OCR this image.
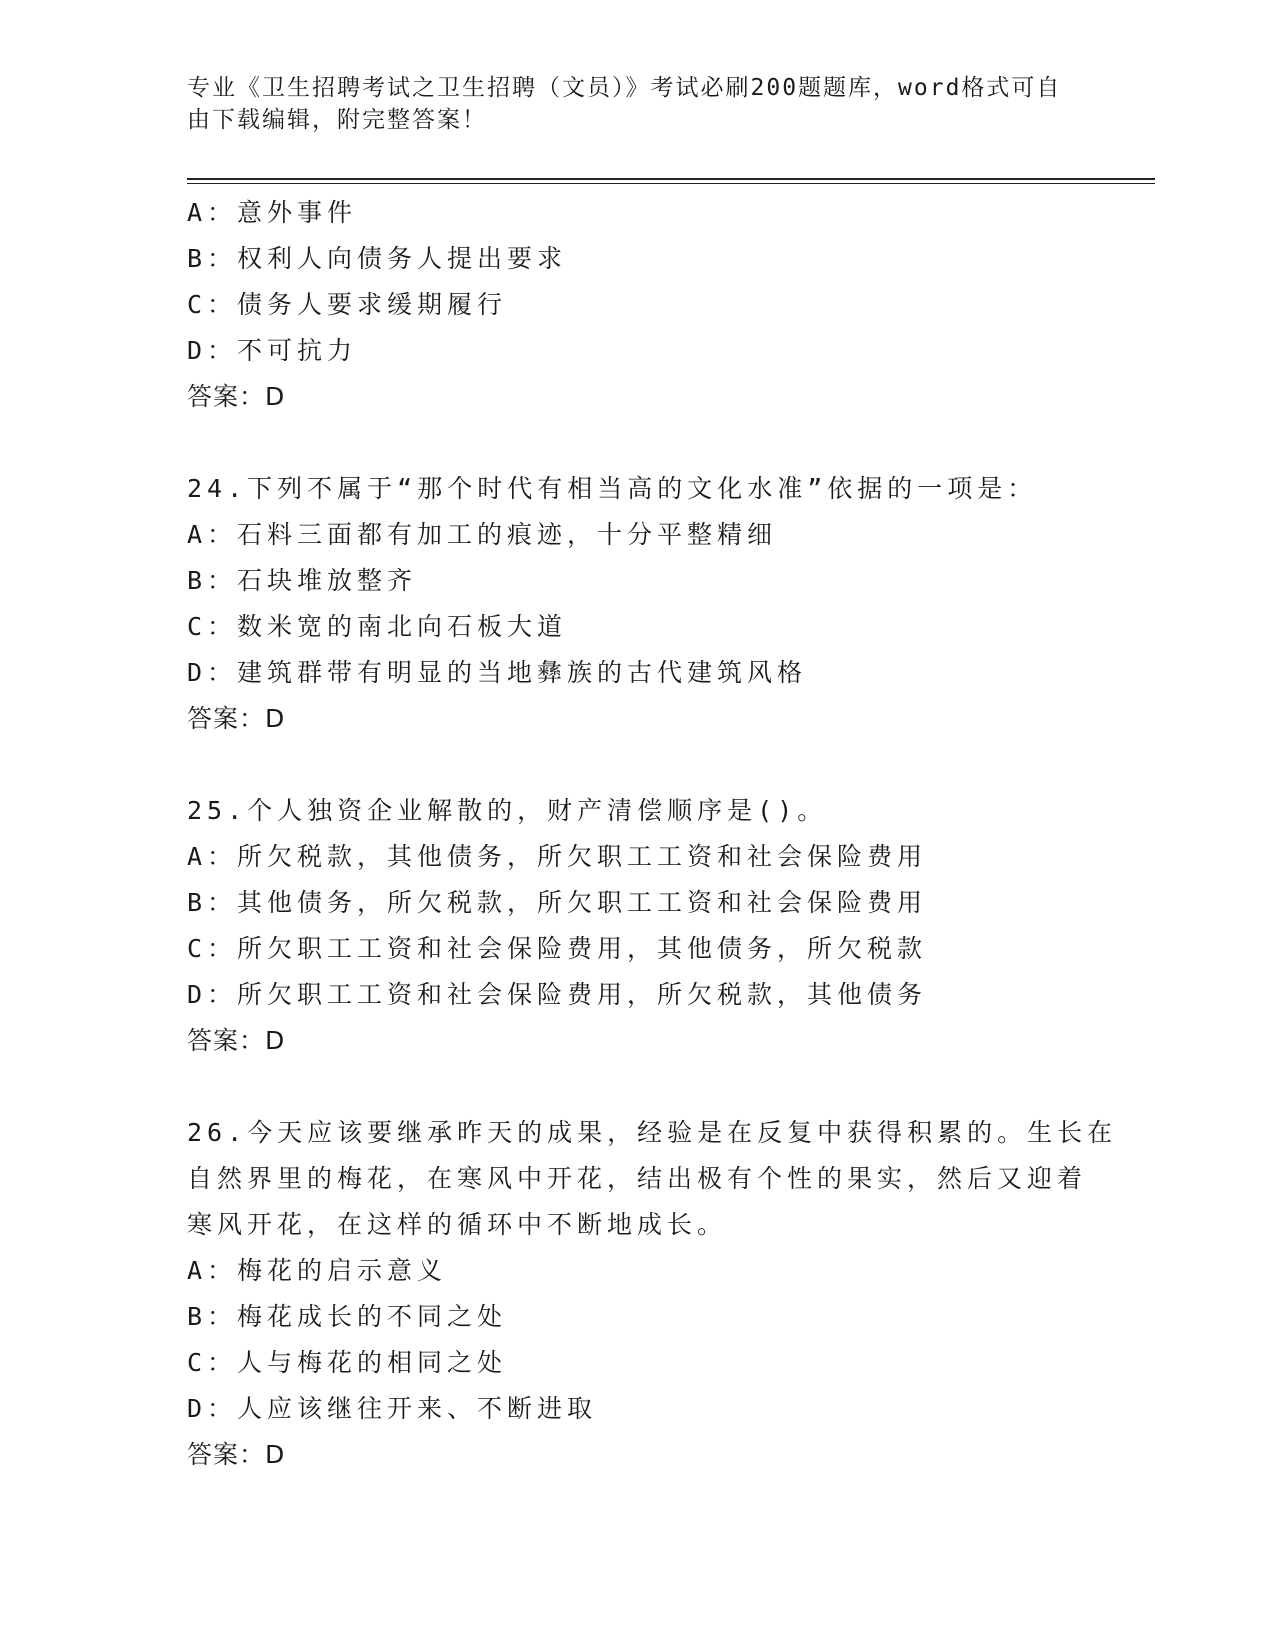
专业《卫生招聘考试之卫生招聘（文员）》考试必刷200题题库，word格式可自由下载编辑，附完整答案！
A：意外事件
B：权利人向债务人提出要求
C：债务人要求缓期履行
D：不可抗力
答案：D
24.下列不属于“那个时代有相当高的文化水准”依据的一项是：
A：石料三面都有加工的痕迹，十分平整精细
B：石块堆放整齐
C：数米宽的南北向石板大道
D：建筑群带有明显的当地彝族的古代建筑风格
答案：D
25.个人独资企业解散的，财产清偿顺序是()。
A：所欠税款，其他债务，所欠职工工资和社会保险费用
B：其他债务，所欠税款，所欠职工工资和社会保险费用
C：所欠职工工资和社会保险费用，其他债务，所欠税款
D：所欠职工工资和社会保险费用，所欠税款，其他债务
答案：D
26.今天应该要继承昨天的成果，经验是在反复中获得积累的。生长在
自然界里的梅花，在寒风中开花，结出极有个性的果实，然后又迎着
寒风开花，在这样的循环中不断地成长。
A：梅花的启示意义
B：梅花成长的不同之处
C：人与梅花的相同之处
D：人应该继往开来、不断进取
答案：D
